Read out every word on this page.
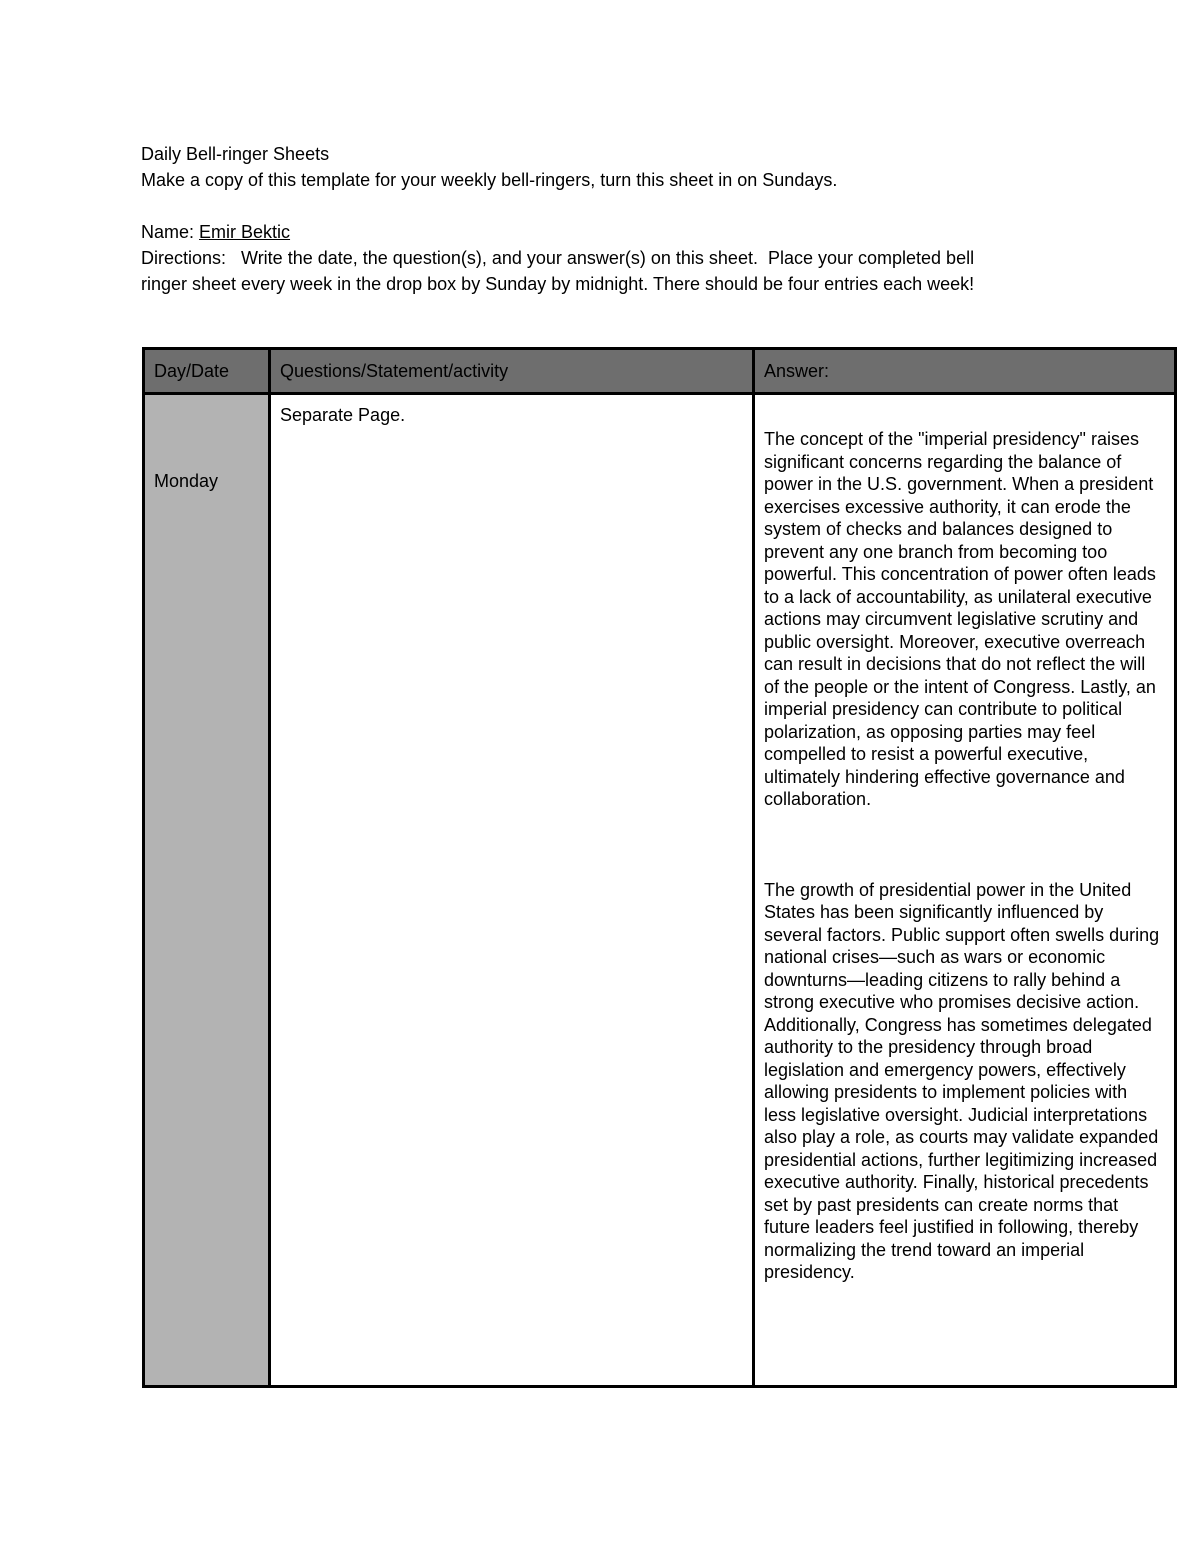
Daily Bell-ringer Sheets

Make a copy of this template for your weekly bell-ringers, turn this sheet in on Sundays.

Name: Emir Bektic

Directions:   Write the date, the question(s), and your answer(s) on this sheet.  Place your completed bell

ringer sheet every week in the drop box by Sunday by midnight. There should be four entries each week!

Day/Date	Questions/Statement/activity	Answer:

Monday	Separate Page.	The concept of the "imperial presidency" raises significant concerns regarding the balance of power in the U.S. government. When a president exercises excessive authority, it can erode the system of checks and balances designed to prevent any one branch from becoming too powerful. This concentration of power often leads to a lack of accountability, as unilateral executive actions may circumvent legislative scrutiny and public oversight. Moreover, executive overreach can result in decisions that do not reflect the will of the people or the intent of Congress. Lastly, an imperial presidency can contribute to political polarization, as opposing parties may feel compelled to resist a powerful executive, ultimately hindering effective governance and collaboration.

The growth of presidential power in the United States has been significantly influenced by several factors. Public support often swells during national crises—such as wars or economic downturns—leading citizens to rally behind a strong executive who promises decisive action. Additionally, Congress has sometimes delegated authority to the presidency through broad legislation and emergency powers, effectively allowing presidents to implement policies with less legislative oversight. Judicial interpretations also play a role, as courts may validate expanded presidential actions, further legitimizing increased executive authority. Finally, historical precedents set by past presidents can create norms that future leaders feel justified in following, thereby normalizing the trend toward an imperial presidency.
